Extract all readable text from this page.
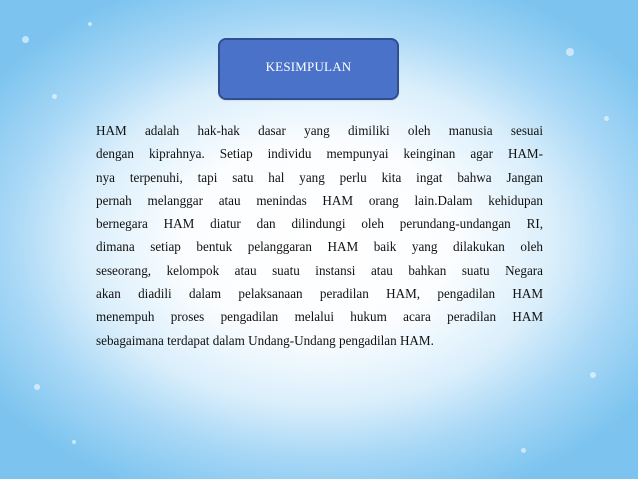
KESIMPULAN
HAM adalah hak-hak dasar yang dimiliki oleh manusia sesuai
dengan kiprahnya. Setiap individu mempunyai keinginan agar HAM-
nya terpenuhi, tapi satu hal yang perlu kita ingat bahwa Jangan
pernah melanggar atau menindas HAM orang lain.Dalam kehidupan
bernegara HAM diatur dan dilindungi oleh perundang-undangan RI,
dimana setiap bentuk pelanggaran HAM baik yang dilakukan oleh
seseorang, kelompok atau suatu instansi atau bahkan suatu Negara
akan diadili dalam pelaksanaan peradilan HAM, pengadilan HAM
menempuh proses pengadilan melalui hukum acara peradilan HAM
sebagaimana terdapat dalam Undang-Undang pengadilan HAM.
